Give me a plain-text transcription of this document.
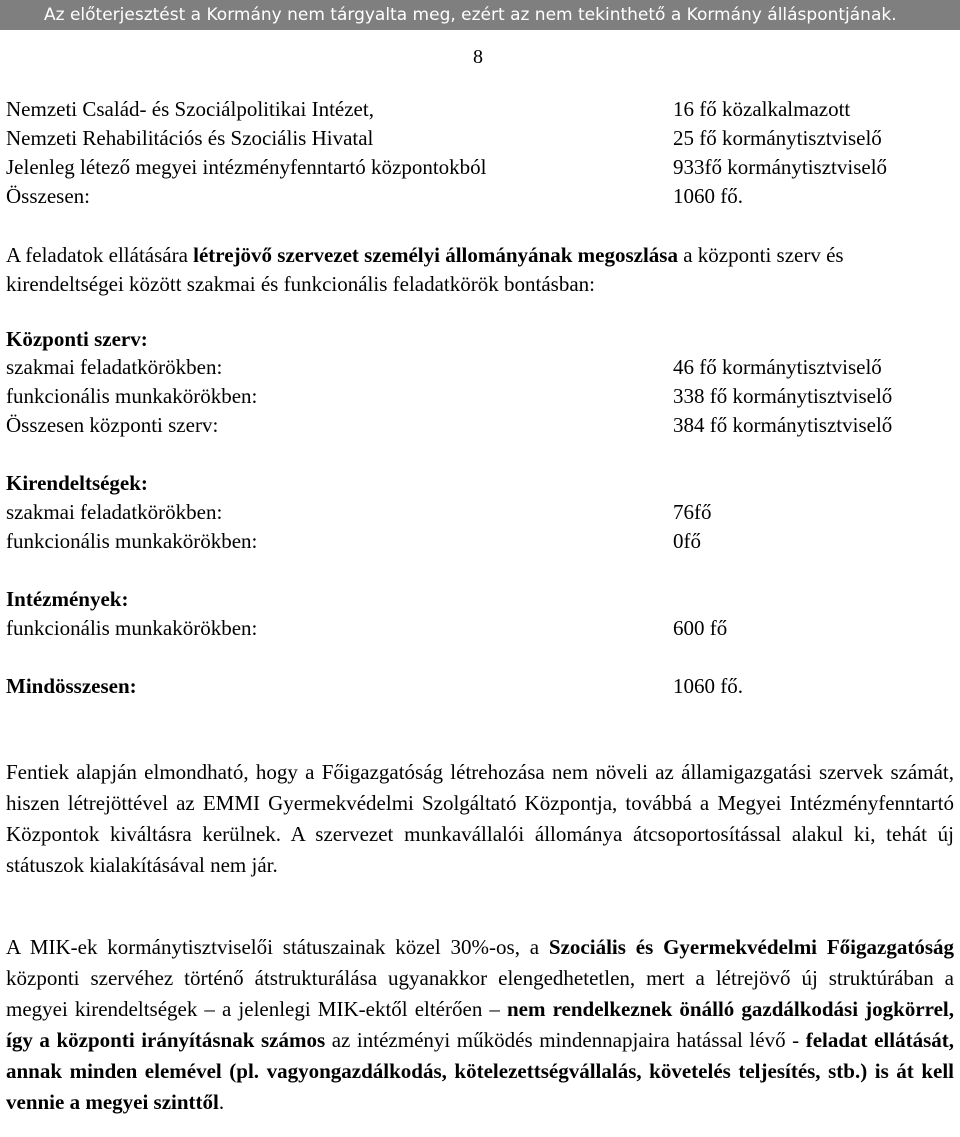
Az előterjesztést a Kormány nem tárgyalta meg, ezért az nem tekinthető a Kormány álláspontjának.
8
Nemzeti Család- és Szociálpolitikai Intézet,	16 fő közalkalmazott
Nemzeti Rehabilitációs és Szociális Hivatal	25 fő kormánytisztviselő
Jelenleg létező megyei intézményfenntartó központokból	933fő kormánytisztviselő
Összesen:	1060 fő.
A feladatok ellátására létrejövő szervezet személyi állományának megoszlása a központi szerv és kirendeltségei között szakmai és funkcionális feladatkörök bontásban:
Központi szerv:
szakmai feladatkörökben:	46 fő kormánytisztviselő
funkcionális munkakörökben:	338 fő kormánytisztviselő
Összesen központi szerv:	384 fő kormánytisztviselő
Kirendeltségek:
szakmai feladatkörökben:	76fő
funkcionális munkakörökben:	0fő
Intézmények:
funkcionális munkakörökben:	600 fő
Mindösszesen:	1060 fő.
Fentiek alapján elmondható, hogy a Főigazgatóság létrehozása nem növeli az államigazgatási szervek számát, hiszen létrejöttével az EMMI Gyermekvédelmi Szolgáltató Központja, továbbá a Megyei Intézményfenntartó Központok kiváltásra kerülnek. A szervezet munkavállalói állománya átcsoportosítással alakul ki, tehát új státuszok kialakításával nem jár.
A MIK-ek kormánytisztviselői státuszainak közel 30%-os, a Szociális és Gyermekvédelmi Főigazgatóság központi szervéhez történő átstrukturálása ugyanakkor elengedhetetlen, mert a létrejövő új struktúrában a megyei kirendeltségek – a jelenlegi MIK-ektől eltérően – nem rendelkeznek önálló gazdálkodási jogkörrel, így a központi irányításnak számos az intézményi működés mindennapjaira hatással lévő - feladat ellátását, annak minden elemével (pl. vagyongazdálkodás, kötelezettségvállalás, követelés teljesítés, stb.) is át kell vennie a megyei szinttől.
